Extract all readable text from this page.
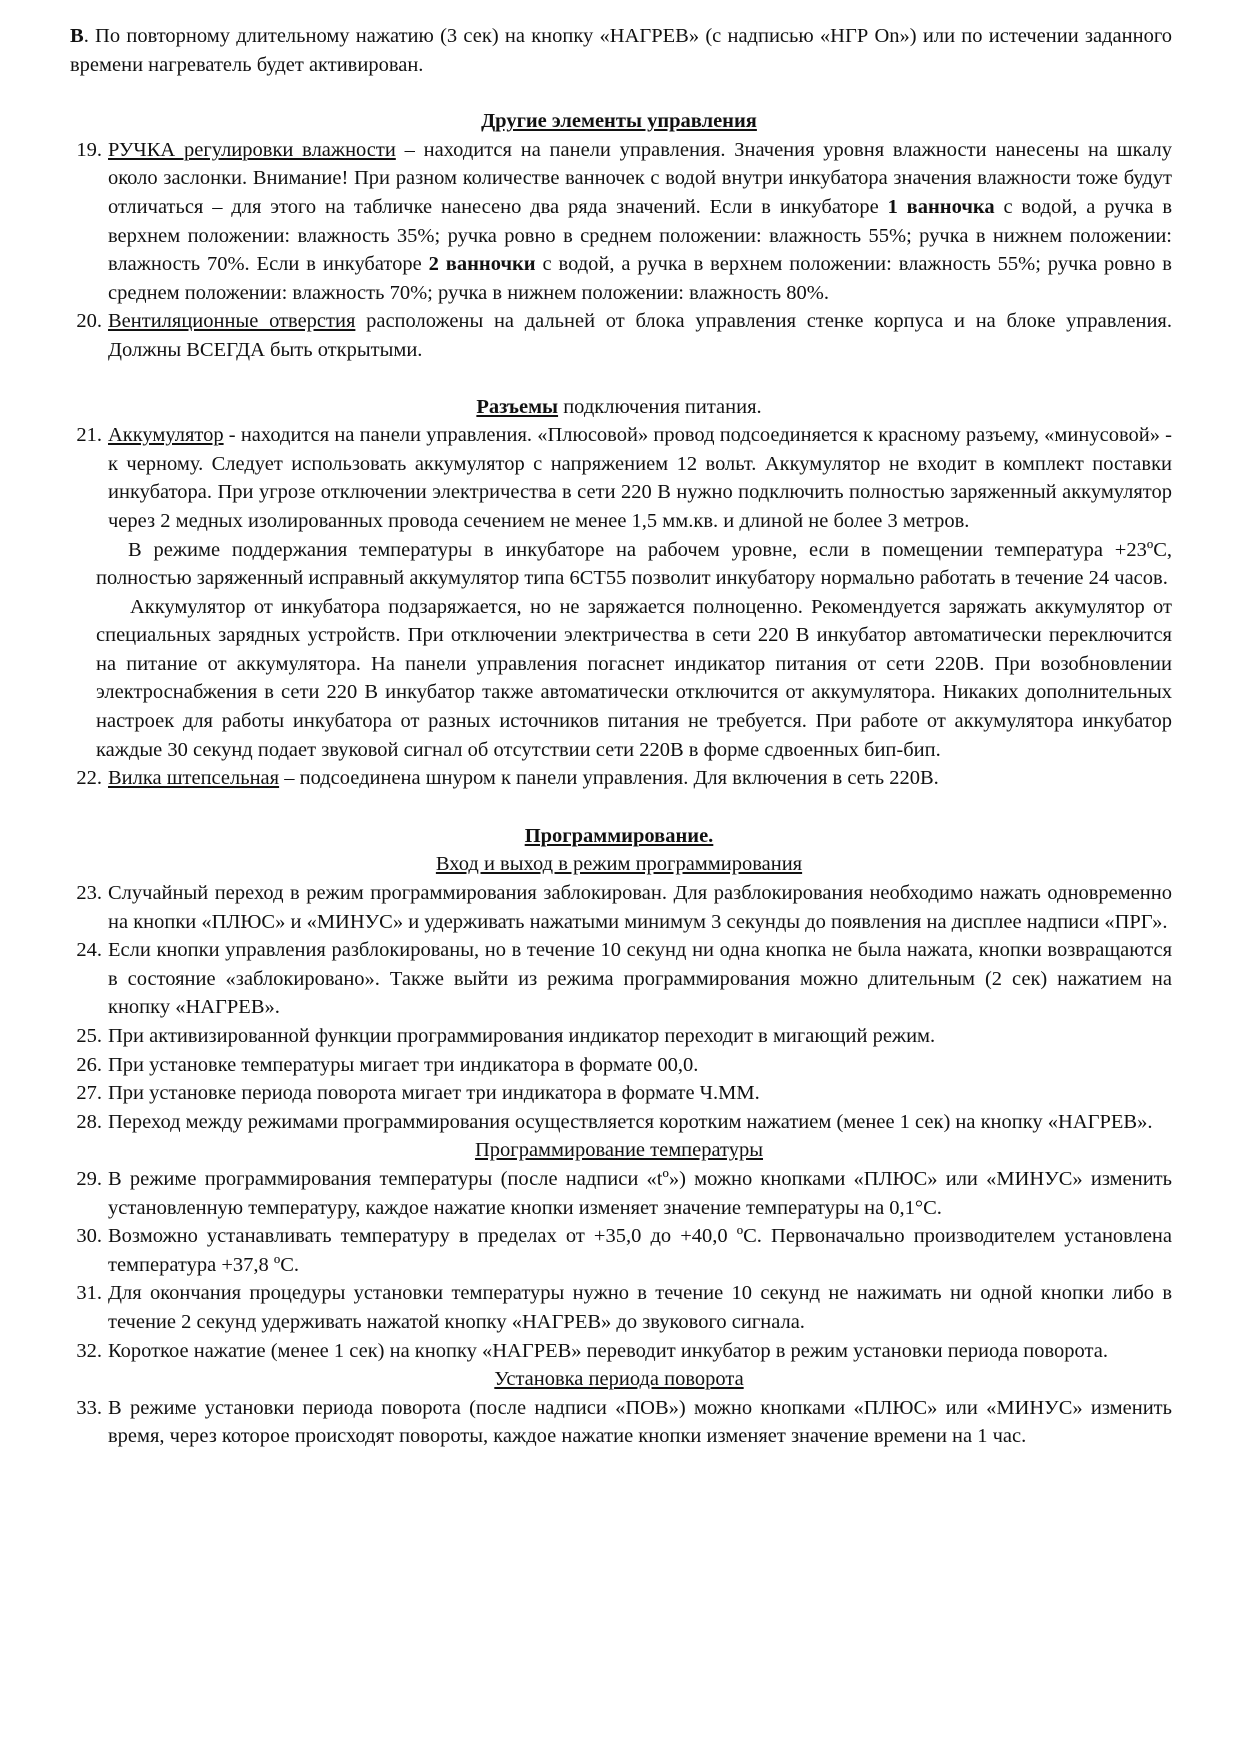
В. По повторному длительному нажатию (3 сек) на кнопку «НАГРЕВ» (с надписью «НГР On») или по истечении заданного времени нагреватель будет активирован.

Другие элементы управления

19. РУЧКА регулировки влажности – находится на панели управления. Значения уровня влажности нанесены на шкалу около заслонки. Внимание! При разном количестве ванночек с водой внутри инкубатора значения влажности тоже будут отличаться – для этого на табличке нанесено два ряда значений. Если в инкубаторе 1 ванночка с водой, а ручка в верхнем положении: влажность 35%; ручка ровно в среднем положении: влажность 55%; ручка в нижнем положении: влажность 70%. Если в инкубаторе 2 ванночки с водой, а ручка в верхнем положении: влажность 55%; ручка ровно в среднем положении: влажность 70%; ручка в нижнем положении: влажность 80%.
20. Вентиляционные отверстия расположены на дальней от блока управления стенке корпуса и на блоке управления. Должны ВСЕГДА быть открытыми.

Разъемы подключения питания.

21. Аккумулятор - находится на панели управления. «Плюсовой» провод подсоединяется к красному разъему, «минусовой» - к черному. Следует использовать аккумулятор с напряжением 12 вольт. Аккумулятор не входит в комплект поставки инкубатора. При угрозе отключении электричества в сети 220 В нужно подключить полностью заряженный аккумулятор через 2 медных изолированных провода сечением не менее 1,5 мм.кв. и длиной не более 3 метров.

В режиме поддержания температуры в инкубаторе на рабочем уровне, если в помещении температура +23ºС, полностью заряженный исправный аккумулятор типа 6СТ55 позволит инкубатору нормально работать в течение 24 часов.

Аккумулятор от инкубатора подзаряжается, но не заряжается полноценно. Рекомендуется заряжать аккумулятор от специальных зарядных устройств. При отключении электричества в сети 220 В инкубатор автоматически переключится на питание от аккумулятора. На панели управления погаснет индикатор питания от сети 220В. При возобновлении электроснабжения в сети 220 В инкубатор также автоматически отключится от аккумулятора. Никаких дополнительных настроек для работы инкубатора от разных источников питания не требуется. При работе от аккумулятора инкубатор каждые 30 секунд подает звуковой сигнал об отсутствии сети 220В в форме сдвоенных бип-бип.

22. Вилка штепсельная – подсоединена шнуром к панели управления. Для включения в сеть 220В.

Программирование.

Вход и выход в режим программирования

23. Случайный переход в режим программирования заблокирован. Для разблокирования необходимо нажать одновременно на кнопки «ПЛЮС» и «МИНУС» и удерживать нажатыми минимум 3 секунды до появления на дисплее надписи «ПРГ».
24. Если кнопки управления разблокированы, но в течение 10 секунд ни одна кнопка не была нажата, кнопки возвращаются в состояние «заблокировано». Также выйти из режима программирования можно длительным (2 сек) нажатием на кнопку «НАГРЕВ».
25. При активизированной функции программирования индикатор переходит в мигающий режим.
26. При установке температуры мигает три индикатора в формате 00,0.
27. При установке периода поворота мигает три индикатора в формате Ч.ММ.
28. Переход между режимами программирования осуществляется коротким нажатием (менее 1 сек) на кнопку «НАГРЕВ».

Программирование температуры

29. В режиме программирования температуры (после надписи «tº») можно кнопками «ПЛЮС» или «МИНУС» изменить установленную температуру, каждое нажатие кнопки изменяет значение температуры на 0,1°С.
30. Возможно устанавливать температуру в пределах от +35,0 до +40,0 ºС. Первоначально производителем установлена температура +37,8 ºС.
31. Для окончания процедуры установки температуры нужно в течение 10 секунд не нажимать ни одной кнопки либо в течение 2 секунд удерживать нажатой кнопку «НАГРЕВ» до звукового сигнала.
32. Короткое нажатие (менее 1 сек) на кнопку «НАГРЕВ» переводит инкубатор в режим установки периода поворота.

Установка периода поворота

33. В режиме установки периода поворота (после надписи «ПОВ») можно кнопками «ПЛЮС» или «МИНУС» изменить время, через которое происходят повороты, каждое нажатие кнопки изменяет значение времени на 1 час.
